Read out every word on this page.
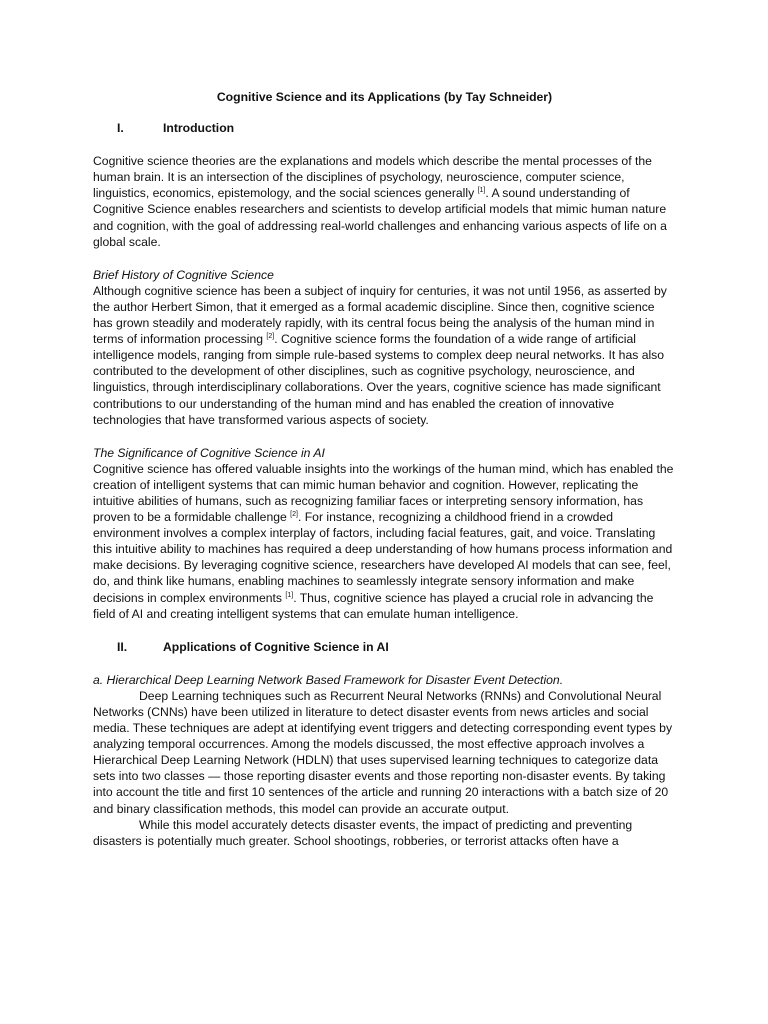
Cognitive Science and its Applications (by Tay Schneider)

I.	Introduction

Cognitive science theories are the explanations and models which describe the mental processes of the human brain. It is an intersection of the disciplines of psychology, neuroscience, computer science, linguistics, economics, epistemology, and the social sciences generally [1]. A sound understanding of Cognitive Science enables researchers and scientists to develop artificial models that mimic human nature and cognition, with the goal of addressing real-world challenges and enhancing various aspects of life on a global scale.

Brief History of Cognitive Science

Although cognitive science has been a subject of inquiry for centuries, it was not until 1956, as asserted by the author Herbert Simon, that it emerged as a formal academic discipline. Since then, cognitive science has grown steadily and moderately rapidly, with its central focus being the analysis of the human mind in terms of information processing [2]. Cognitive science forms the foundation of a wide range of artificial intelligence models, ranging from simple rule-based systems to complex deep neural networks. It has also contributed to the development of other disciplines, such as cognitive psychology, neuroscience, and linguistics, through interdisciplinary collaborations. Over the years, cognitive science has made significant contributions to our understanding of the human mind and has enabled the creation of innovative technologies that have transformed various aspects of society.

The Significance of Cognitive Science in AI

Cognitive science has offered valuable insights into the workings of the human mind, which has enabled the creation of intelligent systems that can mimic human behavior and cognition. However, replicating the intuitive abilities of humans, such as recognizing familiar faces or interpreting sensory information, has proven to be a formidable challenge [2]. For instance, recognizing a childhood friend in a crowded environment involves a complex interplay of factors, including facial features, gait, and voice. Translating this intuitive ability to machines has required a deep understanding of how humans process information and make decisions. By leveraging cognitive science, researchers have developed AI models that can see, feel, do, and think like humans, enabling machines to seamlessly integrate sensory information and make decisions in complex environments [1]. Thus, cognitive science has played a crucial role in advancing the field of AI and creating intelligent systems that can emulate human intelligence.

II.	Applications of Cognitive Science in AI

a. Hierarchical Deep Learning Network Based Framework for Disaster Event Detection.

Deep Learning techniques such as Recurrent Neural Networks (RNNs) and Convolutional Neural Networks (CNNs) have been utilized in literature to detect disaster events from news articles and social media. These techniques are adept at identifying event triggers and detecting corresponding event types by analyzing temporal occurrences. Among the models discussed, the most effective approach involves a Hierarchical Deep Learning Network (HDLN) that uses supervised learning techniques to categorize data sets into two classes — those reporting disaster events and those reporting non-disaster events. By taking into account the title and first 10 sentences of the article and running 20 interactions with a batch size of 20 and binary classification methods, this model can provide an accurate output.

While this model accurately detects disaster events, the impact of predicting and preventing disasters is potentially much greater. School shootings, robberies, or terrorist attacks often have a
